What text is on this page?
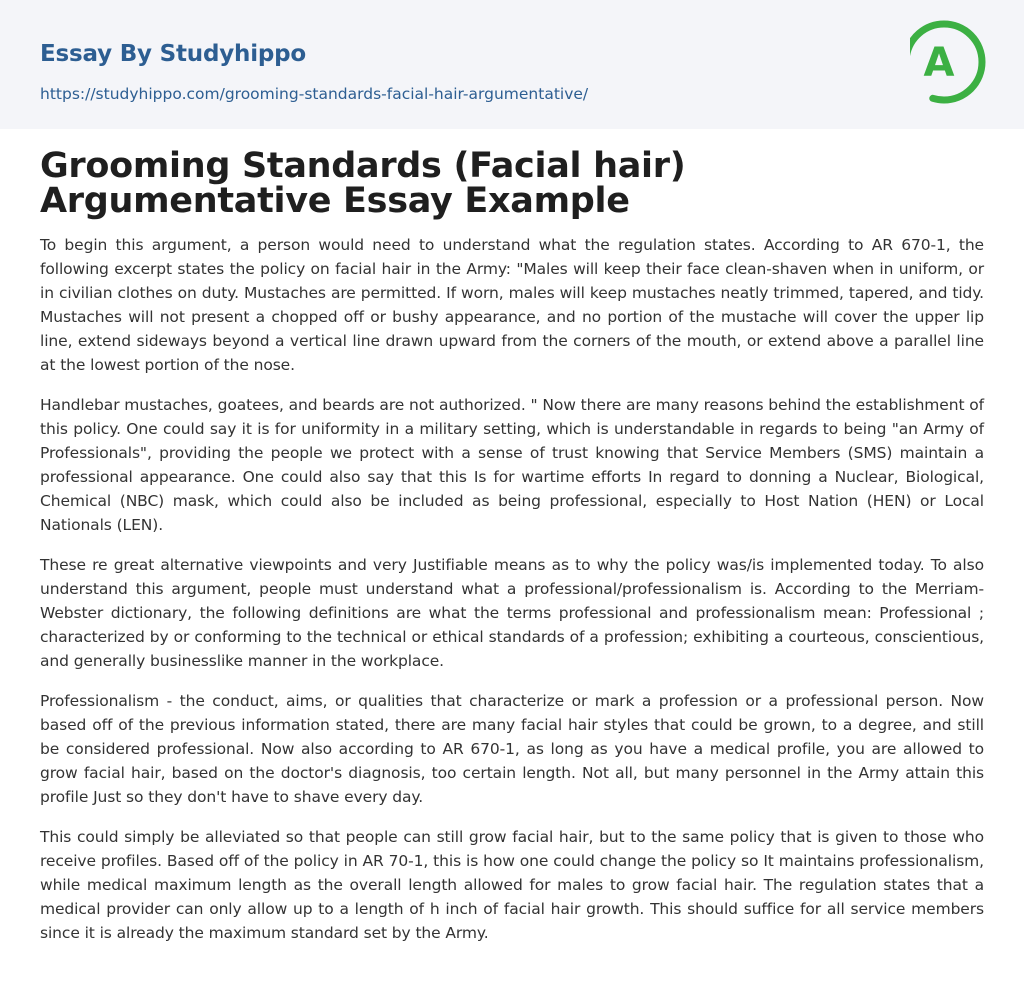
Essay By Studyhippo
https://studyhippo.com/grooming-standards-facial-hair-argumentative/
A
Grooming Standards (Facial hair) Argumentative Essay Example

To begin this argument, a person would need to understand what the regulation states. According to AR 670-1, the following excerpt states the policy on facial hair in the Army: "Males will keep their face clean-shaven when in uniform, or in civilian clothes on duty. Mustaches are permitted. If worn, males will keep mustaches neatly trimmed, tapered, and tidy. Mustaches will not present a chopped off or bushy appearance, and no portion of the mustache will cover the upper lip line, extend sideways beyond a vertical line drawn upward from the corners of the mouth, or extend above a parallel line at the lowest portion of the nose.

Handlebar mustaches, goatees, and beards are not authorized. " Now there are many reasons behind the establishment of this policy. One could say it is for uniformity in a military setting, which is understandable in regards to being "an Army of Professionals", providing the people we protect with a sense of trust knowing that Service Members (SMS) maintain a professional appearance. One could also say that this Is for wartime efforts In regard to donning a Nuclear, Biological, Chemical (NBC) mask, which could also be included as being professional, especially to Host Nation (HEN) or Local Nationals (LEN).

These re great alternative viewpoints and very Justifiable means as to why the policy was/is implemented today. To also understand this argument, people must understand what a professional/professionalism is. According to the Merriam-Webster dictionary, the following definitions are what the terms professional and professionalism mean: Professional ; characterized by or conforming to the technical or ethical standards of a profession; exhibiting a courteous, conscientious, and generally businesslike manner in the workplace.

Professionalism - the conduct, aims, or qualities that characterize or mark a profession or a professional person. Now based off of the previous information stated, there are many facial hair styles that could be grown, to a degree, and still be considered professional. Now also according to AR 670-1, as long as you have a medical profile, you are allowed to grow facial hair, based on the doctor's diagnosis, too certain length. Not all, but many personnel in the Army attain this profile Just so they don't have to shave every day.

This could simply be alleviated so that people can still grow facial hair, but to the same policy that is given to those who receive profiles. Based off of the policy in AR 70-1, this is how one could change the policy so It maintains professionalism, while medical maximum length as the overall length allowed for males to grow facial hair. The regulation states that a medical provider can only allow up to a length of h inch of facial hair growth. This should suffice for all service members since it is already the maximum standard set by the Army.
